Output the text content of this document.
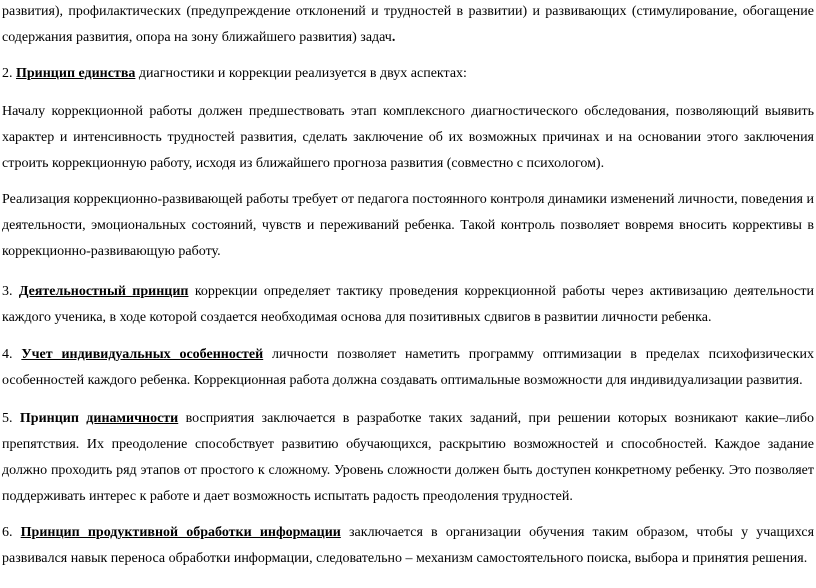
развития), профилактических (предупреждение отклонений и трудностей в развитии) и развивающих (стимулирование, обогащение содержания развития, опора на зону ближайшего развития) задач.

2. Принцип единства диагностики и коррекции реализуется в двух аспектах:

Началу коррекционной работы должен предшествовать этап комплексного диагностического обследования, позволяющий выявить характер и интенсивность трудностей развития, сделать заключение об их возможных причинах и на основании этого заключения строить коррекционную работу, исходя из ближайшего прогноза развития (совместно с психологом).

Реализация коррекционно-развивающей работы требует от педагога постоянного контроля динамики изменений личности, поведения и деятельности, эмоциональных состояний, чувств и переживаний ребенка. Такой контроль позволяет вовремя вносить коррективы в коррекционно-развивающую работу.

3. Деятельностный принцип коррекции определяет тактику проведения коррекционной работы через активизацию деятельности каждого ученика, в ходе которой создается необходимая основа для позитивных сдвигов в развитии личности ребенка.

4. Учет индивидуальных особенностей личности позволяет наметить программу оптимизации в пределах психофизических особенностей каждого ребенка. Коррекционная работа должна создавать оптимальные возможности для индивидуализации развития.

5. Принцип динамичности восприятия заключается в разработке таких заданий, при решении которых возникают какие–либо препятствия. Их преодоление способствует развитию обучающихся, раскрытию возможностей и способностей. Каждое задание должно проходить ряд этапов от простого к сложному. Уровень сложности должен быть доступен конкретному ребенку. Это позволяет поддерживать интерес к работе и дает возможность испытать радость преодоления трудностей.

6. Принцип продуктивной обработки информации заключается в организации обучения таким образом, чтобы у учащихся развивался навык переноса обработки информации, следовательно – механизм самостоятельного поиска, выбора и принятия решения.
